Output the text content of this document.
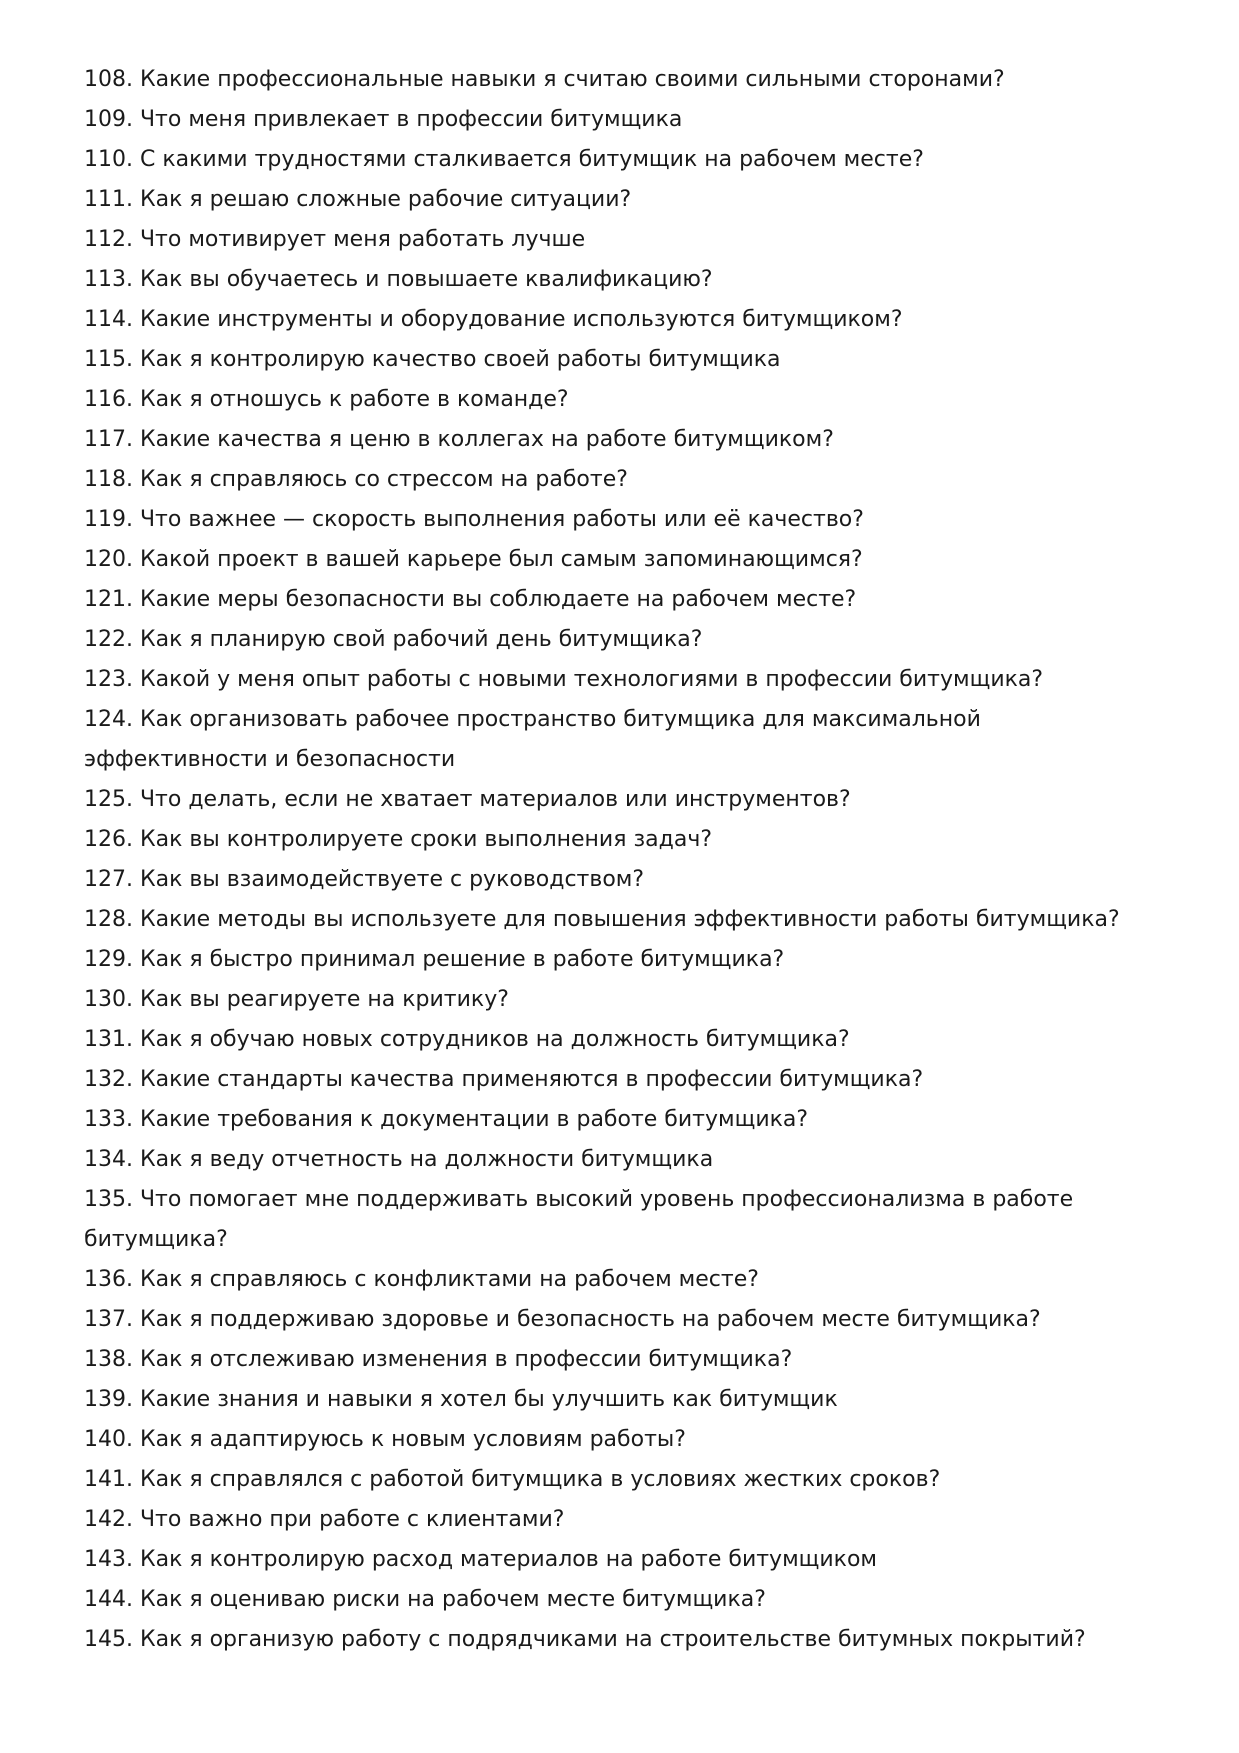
108. Какие профессиональные навыки я считаю своими сильными сторонами?

109. Что меня привлекает в профессии битумщика

110. С какими трудностями сталкивается битумщик на рабочем месте?

111. Как я решаю сложные рабочие ситуации?

112. Что мотивирует меня работать лучше

113. Как вы обучаетесь и повышаете квалификацию?

114. Какие инструменты и оборудование используются битумщиком?

115. Как я контролирую качество своей работы битумщика

116. Как я отношусь к работе в команде?

117. Какие качества я ценю в коллегах на работе битумщиком?

118. Как я справляюсь со стрессом на работе?

119. Что важнее — скорость выполнения работы или её качество?

120. Какой проект в вашей карьере был самым запоминающимся?

121. Какие меры безопасности вы соблюдаете на рабочем месте?

122. Как я планирую свой рабочий день битумщика?

123. Какой у меня опыт работы с новыми технологиями в профессии битумщика?

124. Как организовать рабочее пространство битумщика для максимальной эффективности и безопасности

125. Что делать, если не хватает материалов или инструментов?

126. Как вы контролируете сроки выполнения задач?

127. Как вы взаимодействуете с руководством?

128. Какие методы вы используете для повышения эффективности работы битумщика?

129. Как я быстро принимал решение в работе битумщика?

130. Как вы реагируете на критику?

131. Как я обучаю новых сотрудников на должность битумщика?

132. Какие стандарты качества применяются в профессии битумщика?

133. Какие требования к документации в работе битумщика?

134. Как я веду отчетность на должности битумщика

135. Что помогает мне поддерживать высокий уровень профессионализма в работе битумщика?

136. Как я справляюсь с конфликтами на рабочем месте?

137. Как я поддерживаю здоровье и безопасность на рабочем месте битумщика?

138. Как я отслеживаю изменения в профессии битумщика?

139. Какие знания и навыки я хотел бы улучшить как битумщик

140. Как я адаптируюсь к новым условиям работы?

141. Как я справлялся с работой битумщика в условиях жестких сроков?

142. Что важно при работе с клиентами?

143. Как я контролирую расход материалов на работе битумщиком

144. Как я оцениваю риски на рабочем месте битумщика?

145. Как я организую работу с подрядчиками на строительстве битумных покрытий?
